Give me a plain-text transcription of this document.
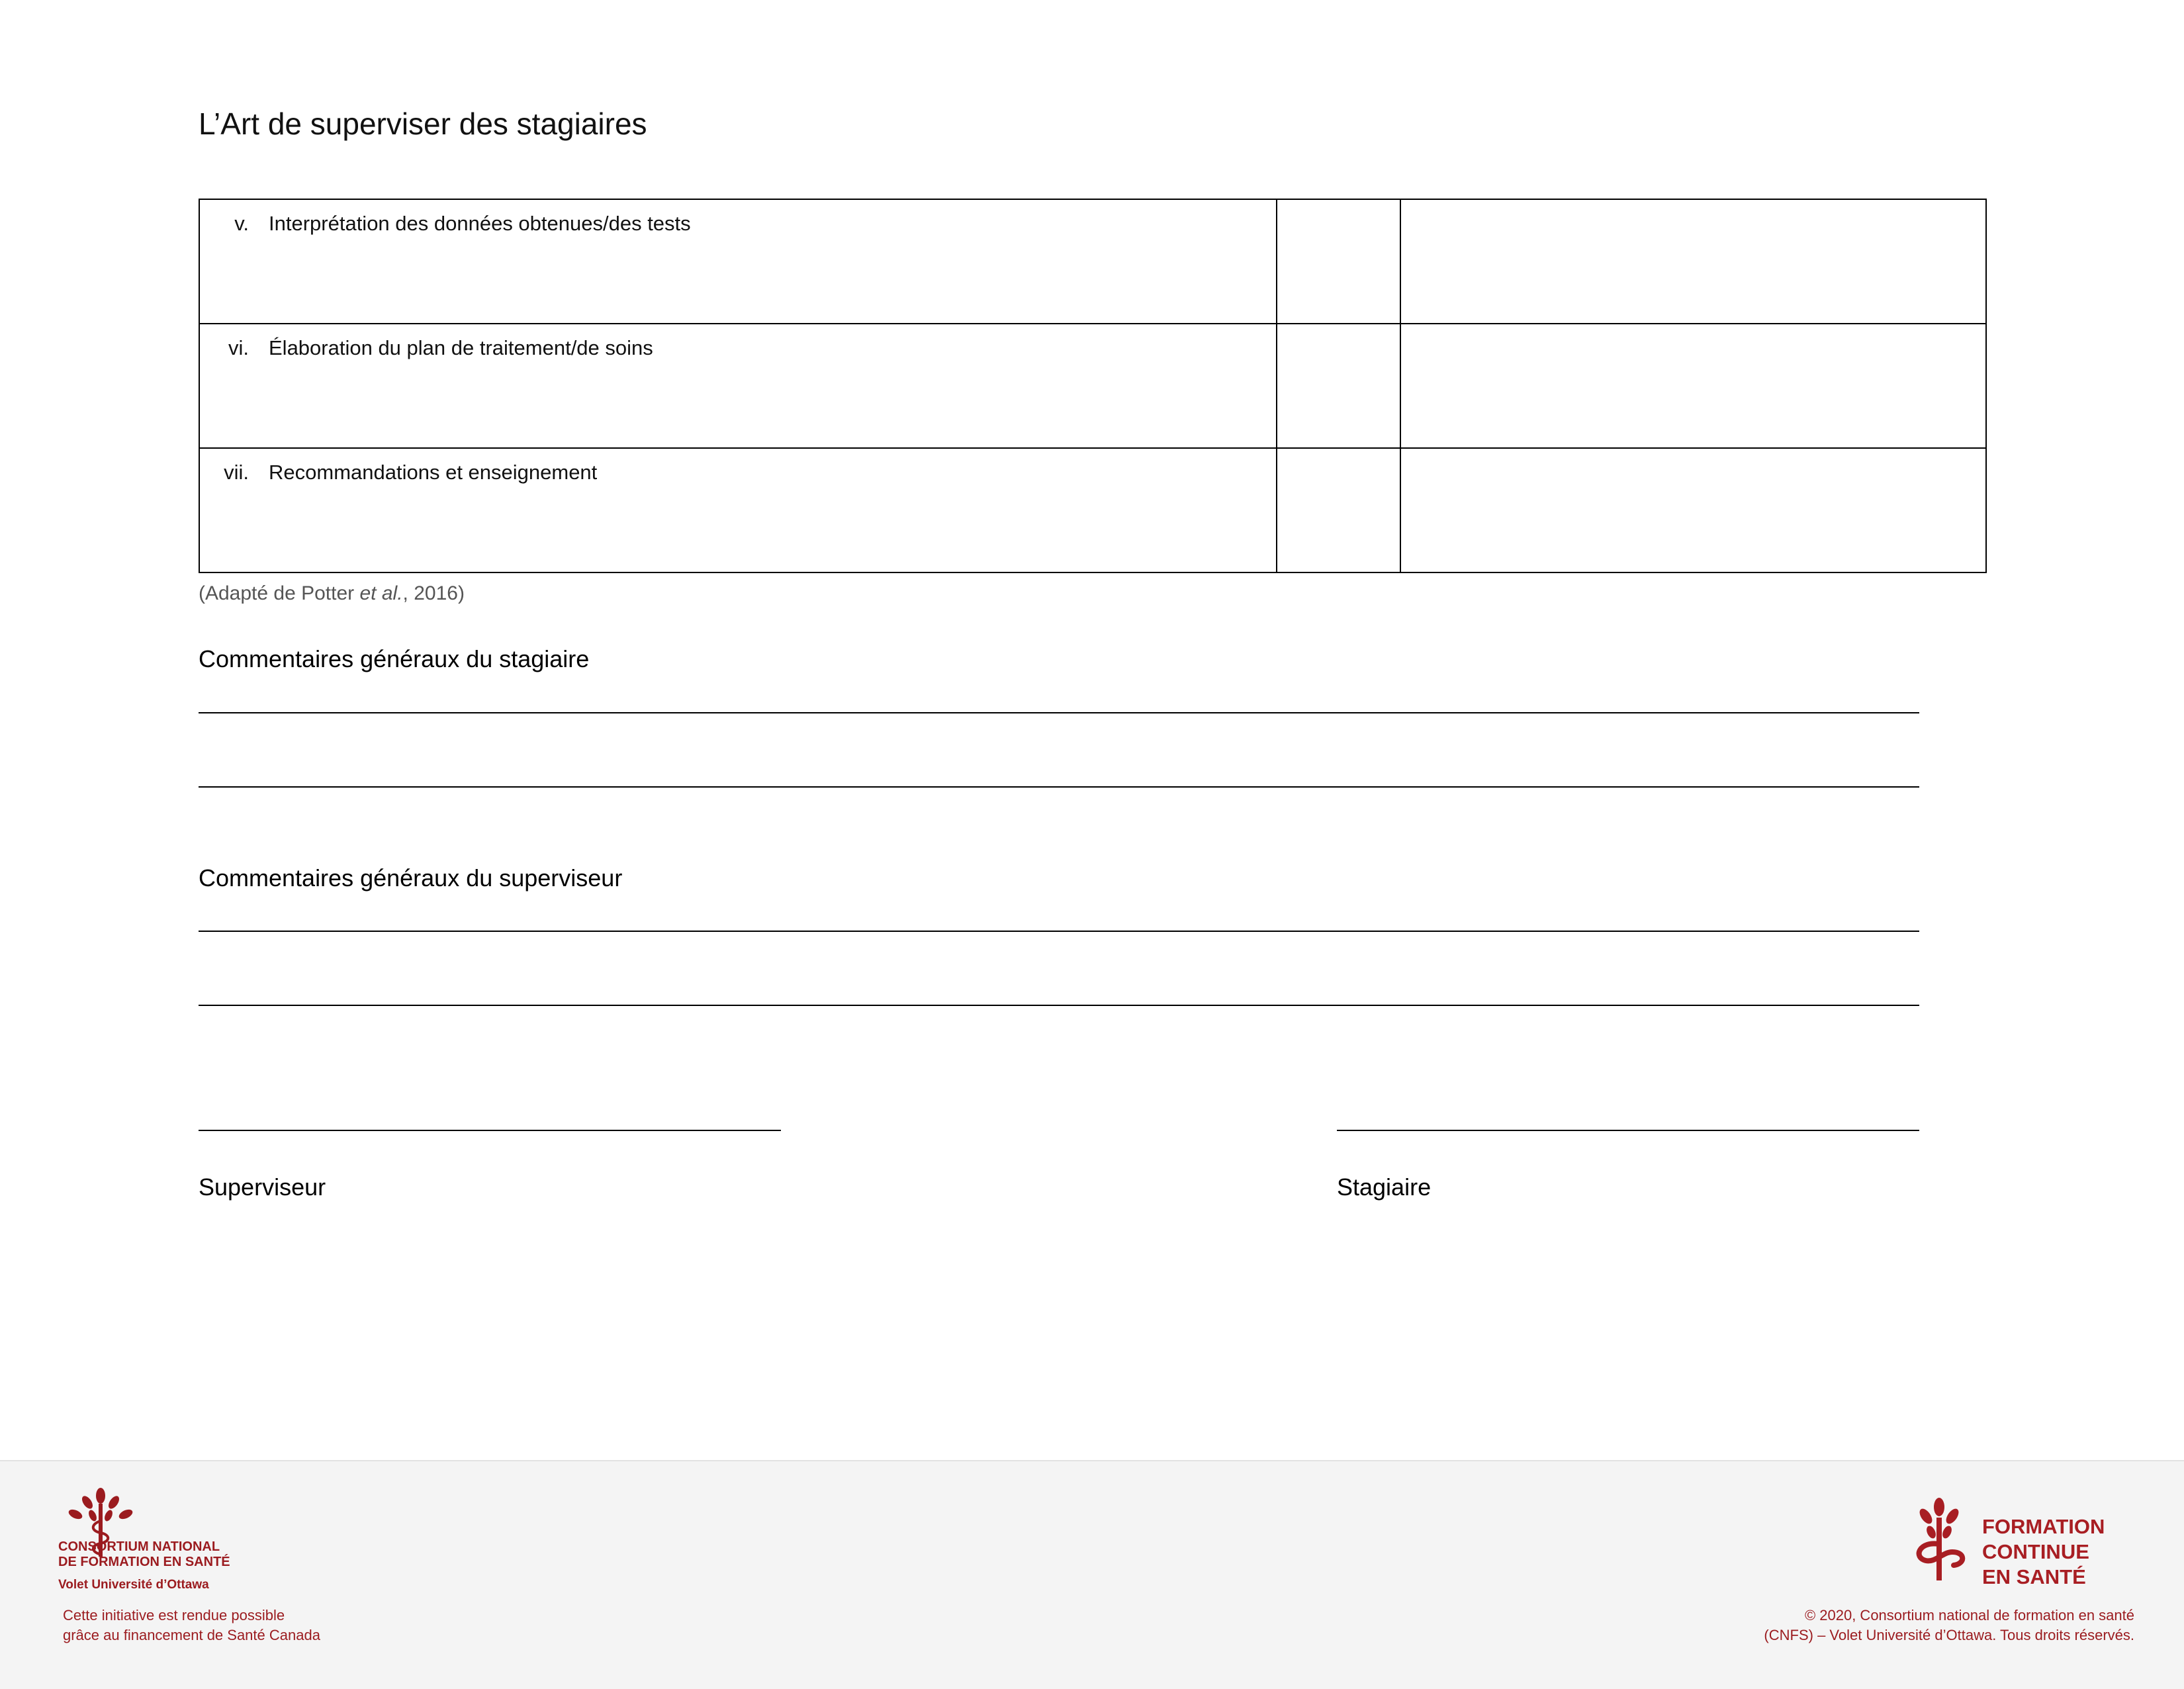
L’Art de superviser des stagiaires
v. Interprétation des données obtenues/des tests		

vi. Élaboration du plan de traitement/de soins		

vii. Recommandations et enseignement		

(Adapté de Potter et al., 2016)
Commentaires généraux du stagiaire
Commentaires généraux du superviseur
Superviseur	Stagiaire
CONSORTIUM NATIONAL
DE FORMATION EN SANTÉ
Volet Université d’Ottawa
Cette initiative est rendue possible
grâce au financement de Santé Canada
FORMATION
CONTINUE
EN SANTÉ
© 2020, Consortium national de formation en santé
(CNFS) – Volet Université d’Ottawa. Tous droits réservés.
